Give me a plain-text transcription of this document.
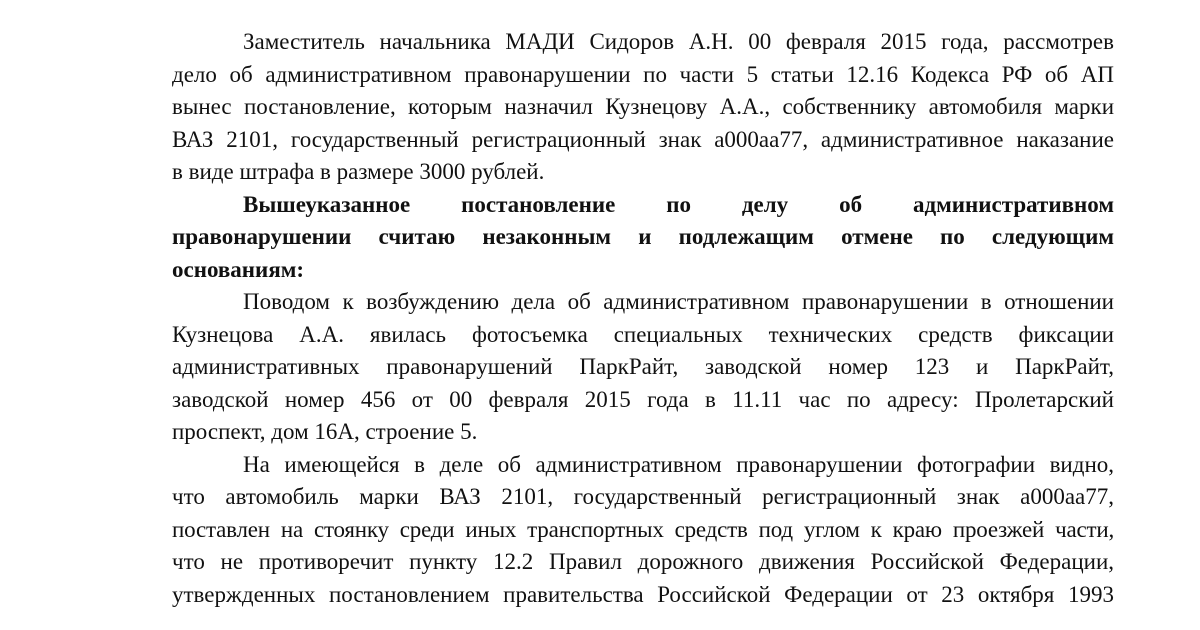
Заместитель начальника МАДИ Сидоров А.Н. 00 февраля 2015 года, рассмотрев
дело об административном правонарушении по части 5 статьи 12.16 Кодекса РФ об АП
вынес постановление, которым назначил Кузнецову А.А., собственнику автомобиля марки
ВАЗ 2101, государственный регистрационный знак а000аа77, административное наказание
в виде штрафа в размере 3000 рублей.

Вышеуказанное постановление по делу об административном
правонарушении считаю незаконным и подлежащим отмене по следующим
основаниям:

Поводом к возбуждению дела об административном правонарушении в отношении
Кузнецова А.А. явилась фотосъемка специальных технических средств фиксации
административных правонарушений ПаркРайт, заводской номер 123 и ПаркРайт,
заводской номер 456 от 00 февраля 2015 года в 11.11 час по адресу: Пролетарский
проспект, дом 16А, строение 5.

На имеющейся в деле об административном правонарушении фотографии видно,
что автомобиль марки ВАЗ 2101, государственный регистрационный знак а000аа77,
поставлен на стоянку среди иных транспортных средств под углом к краю проезжей части,
что не противоречит пункту 12.2 Правил дорожного движения Российской Федерации,
утвержденных постановлением правительства Российской Федерации от 23 октября 1993
